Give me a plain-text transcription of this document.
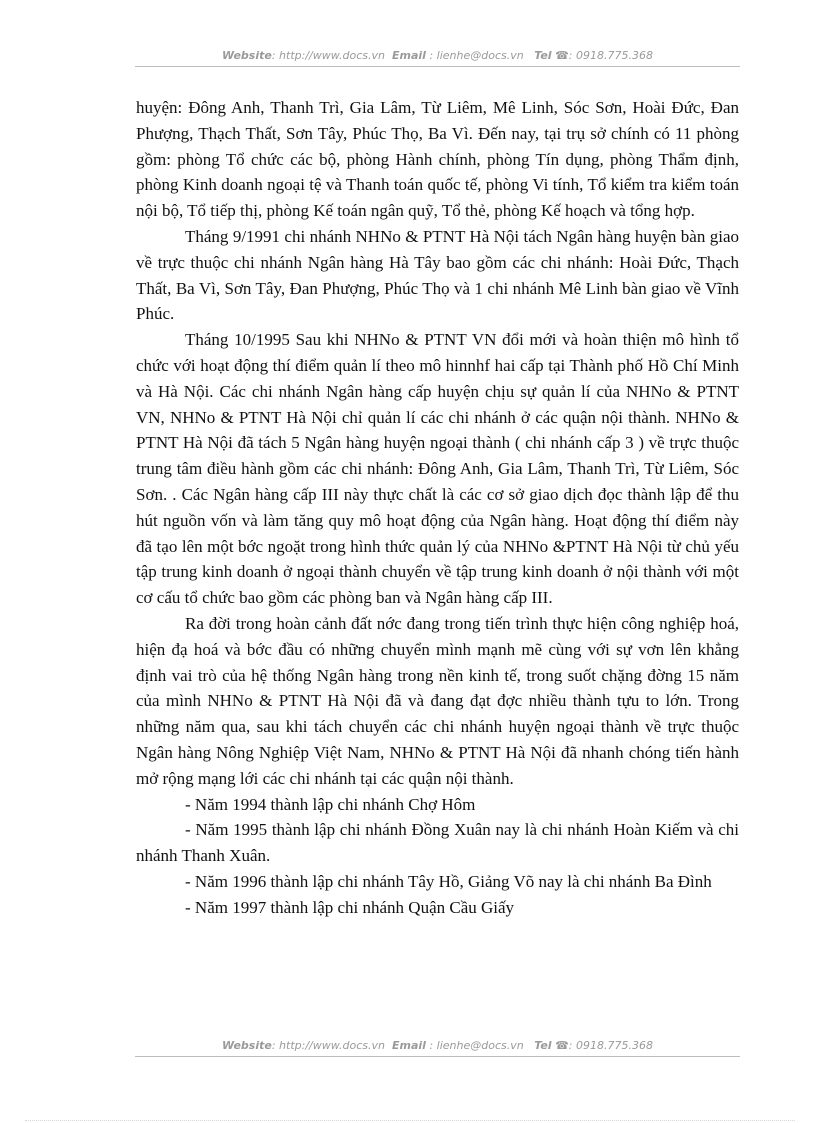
Website: http://www.docs.vn Email : lienhe@docs.vn Tel ☎: 0918.775.368

huyện: Đông Anh, Thanh Trì, Gia Lâm, Từ Liêm, Mê Linh, Sóc Sơn, Hoài Đức, Đan Phượng, Thạch Thất, Sơn Tây, Phúc Thọ, Ba Vì. Đến nay, tại trụ sở chính có 11 phòng gồm: phòng Tổ chức các bộ, phòng Hành chính, phòng Tín dụng, phòng Thẩm định, phòng Kinh doanh ngoại tệ và Thanh toán quốc tế, phòng Vi tính, Tổ kiểm tra kiểm toán nội bộ, Tổ tiếp thị, phòng Kế toán ngân quỹ, Tổ thẻ, phòng Kế hoạch và tổng hợp.

Tháng 9/1991 chi nhánh NHNo & PTNT Hà Nội tách Ngân hàng huyện bàn giao về trực thuộc chi nhánh Ngân hàng Hà Tây bao gồm các chi nhánh: Hoài Đức, Thạch Thất, Ba Vì, Sơn Tây, Đan Phượng, Phúc Thọ và 1 chi nhánh Mê Linh bàn giao về Vĩnh Phúc.

Tháng 10/1995 Sau khi NHNo & PTNT VN đổi mới và hoàn thiện mô hình tổ chức với hoạt động thí điểm quản lí theo mô hinnhf hai cấp tại Thành phố Hồ Chí Minh và Hà Nội. Các chi nhánh Ngân hàng cấp huyện chịu sự quản lí của NHNo & PTNT VN, NHNo & PTNT Hà Nội chỉ quản lí các chi nhánh ở các quận nội thành. NHNo & PTNT Hà Nội đã tách 5 Ngân hàng huyện ngoại thành ( chi nhánh cấp 3 ) về trực thuộc trung tâm điều hành gồm các chi nhánh: Đông Anh, Gia Lâm, Thanh Trì, Từ Liêm, Sóc Sơn. . Các Ngân hàng cấp III này thực chất là các cơ sở giao dịch đọc thành lập để thu hút nguồn vốn và làm tăng quy mô hoạt động của Ngân hàng. Hoạt động thí điểm này đã tạo lên một bớc ngoặt trong hình thức quản lý của NHNo &PTNT Hà Nội từ chủ yếu tập trung kinh doanh ở ngoại thành chuyển về tập trung kinh doanh ở nội thành với một cơ cấu tổ chức bao gồm các phòng ban và Ngân hàng cấp III.

Ra đời trong hoàn cảnh đất nớc đang trong tiến trình thực hiện công nghiệp hoá, hiện đạ hoá và bớc đầu có những chuyển mình mạnh mẽ cùng với sự vơn lên khẳng định vai trò của hệ thống Ngân hàng trong nền kinh tế, trong suốt chặng đờng 15 năm của mình NHNo & PTNT Hà Nội đã và đang đạt đợc nhiều thành tựu to lớn. Trong những năm qua, sau khi tách chuyển các chi nhánh huyện ngoại thành về trực thuộc Ngân hàng Nông Nghiệp Việt Nam, NHNo & PTNT Hà Nội đã nhanh chóng tiến hành mở rộng mạng lới các chi nhánh tại các quận nội thành.

- Năm 1994 thành lập chi nhánh Chợ Hôm

- Năm 1995 thành lập chi nhánh Đồng Xuân nay là chi nhánh Hoàn Kiếm và chi nhánh Thanh Xuân.

- Năm 1996 thành lập chi nhánh Tây Hồ, Giảng Võ nay là chi nhánh Ba Đình

- Năm 1997 thành lập chi nhánh Quận Cầu Giấy

Website: http://www.docs.vn Email : lienhe@docs.vn Tel ☎: 0918.775.368
